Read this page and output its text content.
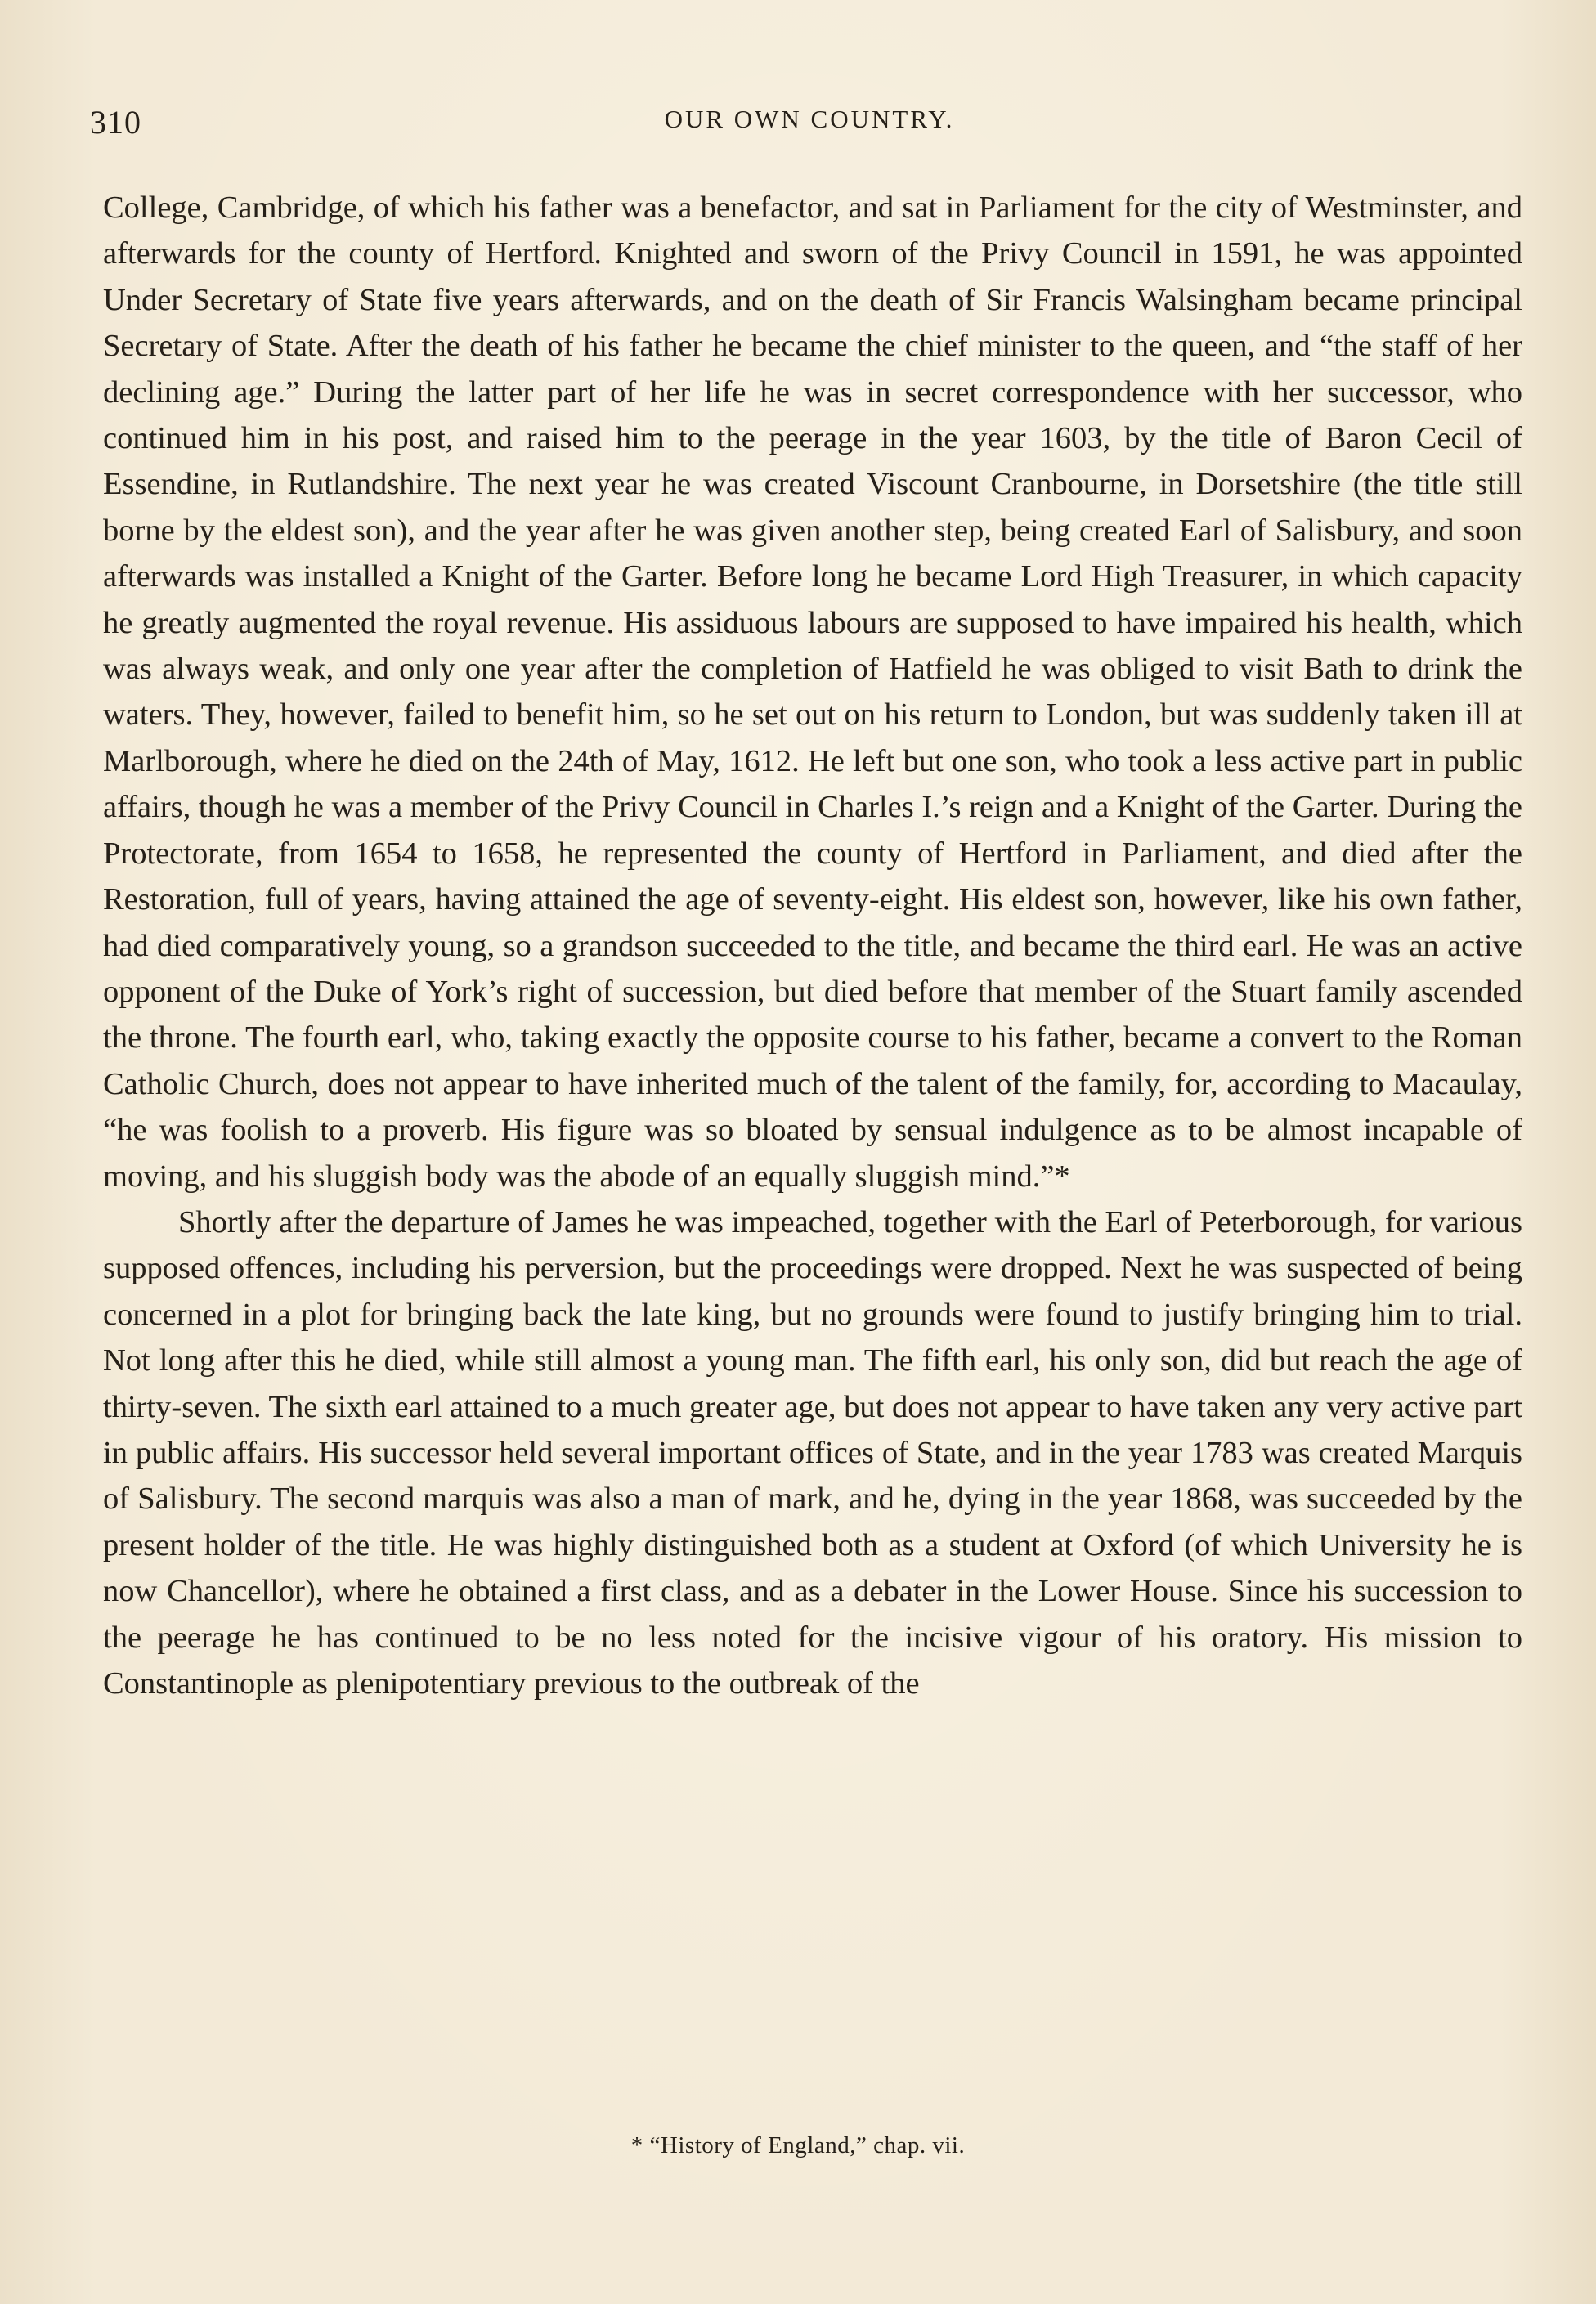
310	OUR OWN COUNTRY.

College, Cambridge, of which his father was a benefactor, and sat in Parliament for the city of Westminster, and afterwards for the county of Hertford. Knighted and sworn of the Privy Council in 1591, he was appointed Under Secretary of State five years afterwards, and on the death of Sir Francis Walsingham became principal Secretary of State. After the death of his father he became the chief minister to the queen, and “the staff of her declining age.” During the latter part of her life he was in secret correspondence with her successor, who continued him in his post, and raised him to the peerage in the year 1603, by the title of Baron Cecil of Essendine, in Rutlandshire. The next year he was created Viscount Cranbourne, in Dorsetshire (the title still borne by the eldest son), and the year after he was given another step, being created Earl of Salisbury, and soon afterwards was installed a Knight of the Garter. Before long he became Lord High Treasurer, in which capacity he greatly augmented the royal revenue. His assiduous labours are supposed to have impaired his health, which was always weak, and only one year after the completion of Hatfield he was obliged to visit Bath to drink the waters. They, however, failed to benefit him, so he set out on his return to London, but was suddenly taken ill at Marlborough, where he died on the 24th of May, 1612. He left but one son, who took a less active part in public affairs, though he was a member of the Privy Council in Charles I.’s reign and a Knight of the Garter. During the Protectorate, from 1654 to 1658, he represented the county of Hertford in Parliament, and died after the Restoration, full of years, having attained the age of seventy-eight. His eldest son, however, like his own father, had died comparatively young, so a grandson succeeded to the title, and became the third earl. He was an active opponent of the Duke of York’s right of succession, but died before that member of the Stuart family ascended the throne. The fourth earl, who, taking exactly the opposite course to his father, became a convert to the Roman Catholic Church, does not appear to have inherited much of the talent of the family, for, according to Macaulay, “he was foolish to a proverb. His figure was so bloated by sensual indulgence as to be almost incapable of moving, and his sluggish body was the abode of an equally sluggish mind.”*

Shortly after the departure of James he was impeached, together with the Earl of Peterborough, for various supposed offences, including his perversion, but the proceedings were dropped. Next he was suspected of being concerned in a plot for bringing back the late king, but no grounds were found to justify bringing him to trial. Not long after this he died, while still almost a young man. The fifth earl, his only son, did but reach the age of thirty-seven. The sixth earl attained to a much greater age, but does not appear to have taken any very active part in public affairs. His successor held several important offices of State, and in the year 1783 was created Marquis of Salisbury. The second marquis was also a man of mark, and he, dying in the year 1868, was succeeded by the present holder of the title. He was highly distinguished both as a student at Oxford (of which University he is now Chancellor), where he obtained a first class, and as a debater in the Lower House. Since his succession to the peerage he has continued to be no less noted for the incisive vigour of his oratory. His mission to Constantinople as plenipotentiary previous to the outbreak of the

* “History of England,” chap. vii.
